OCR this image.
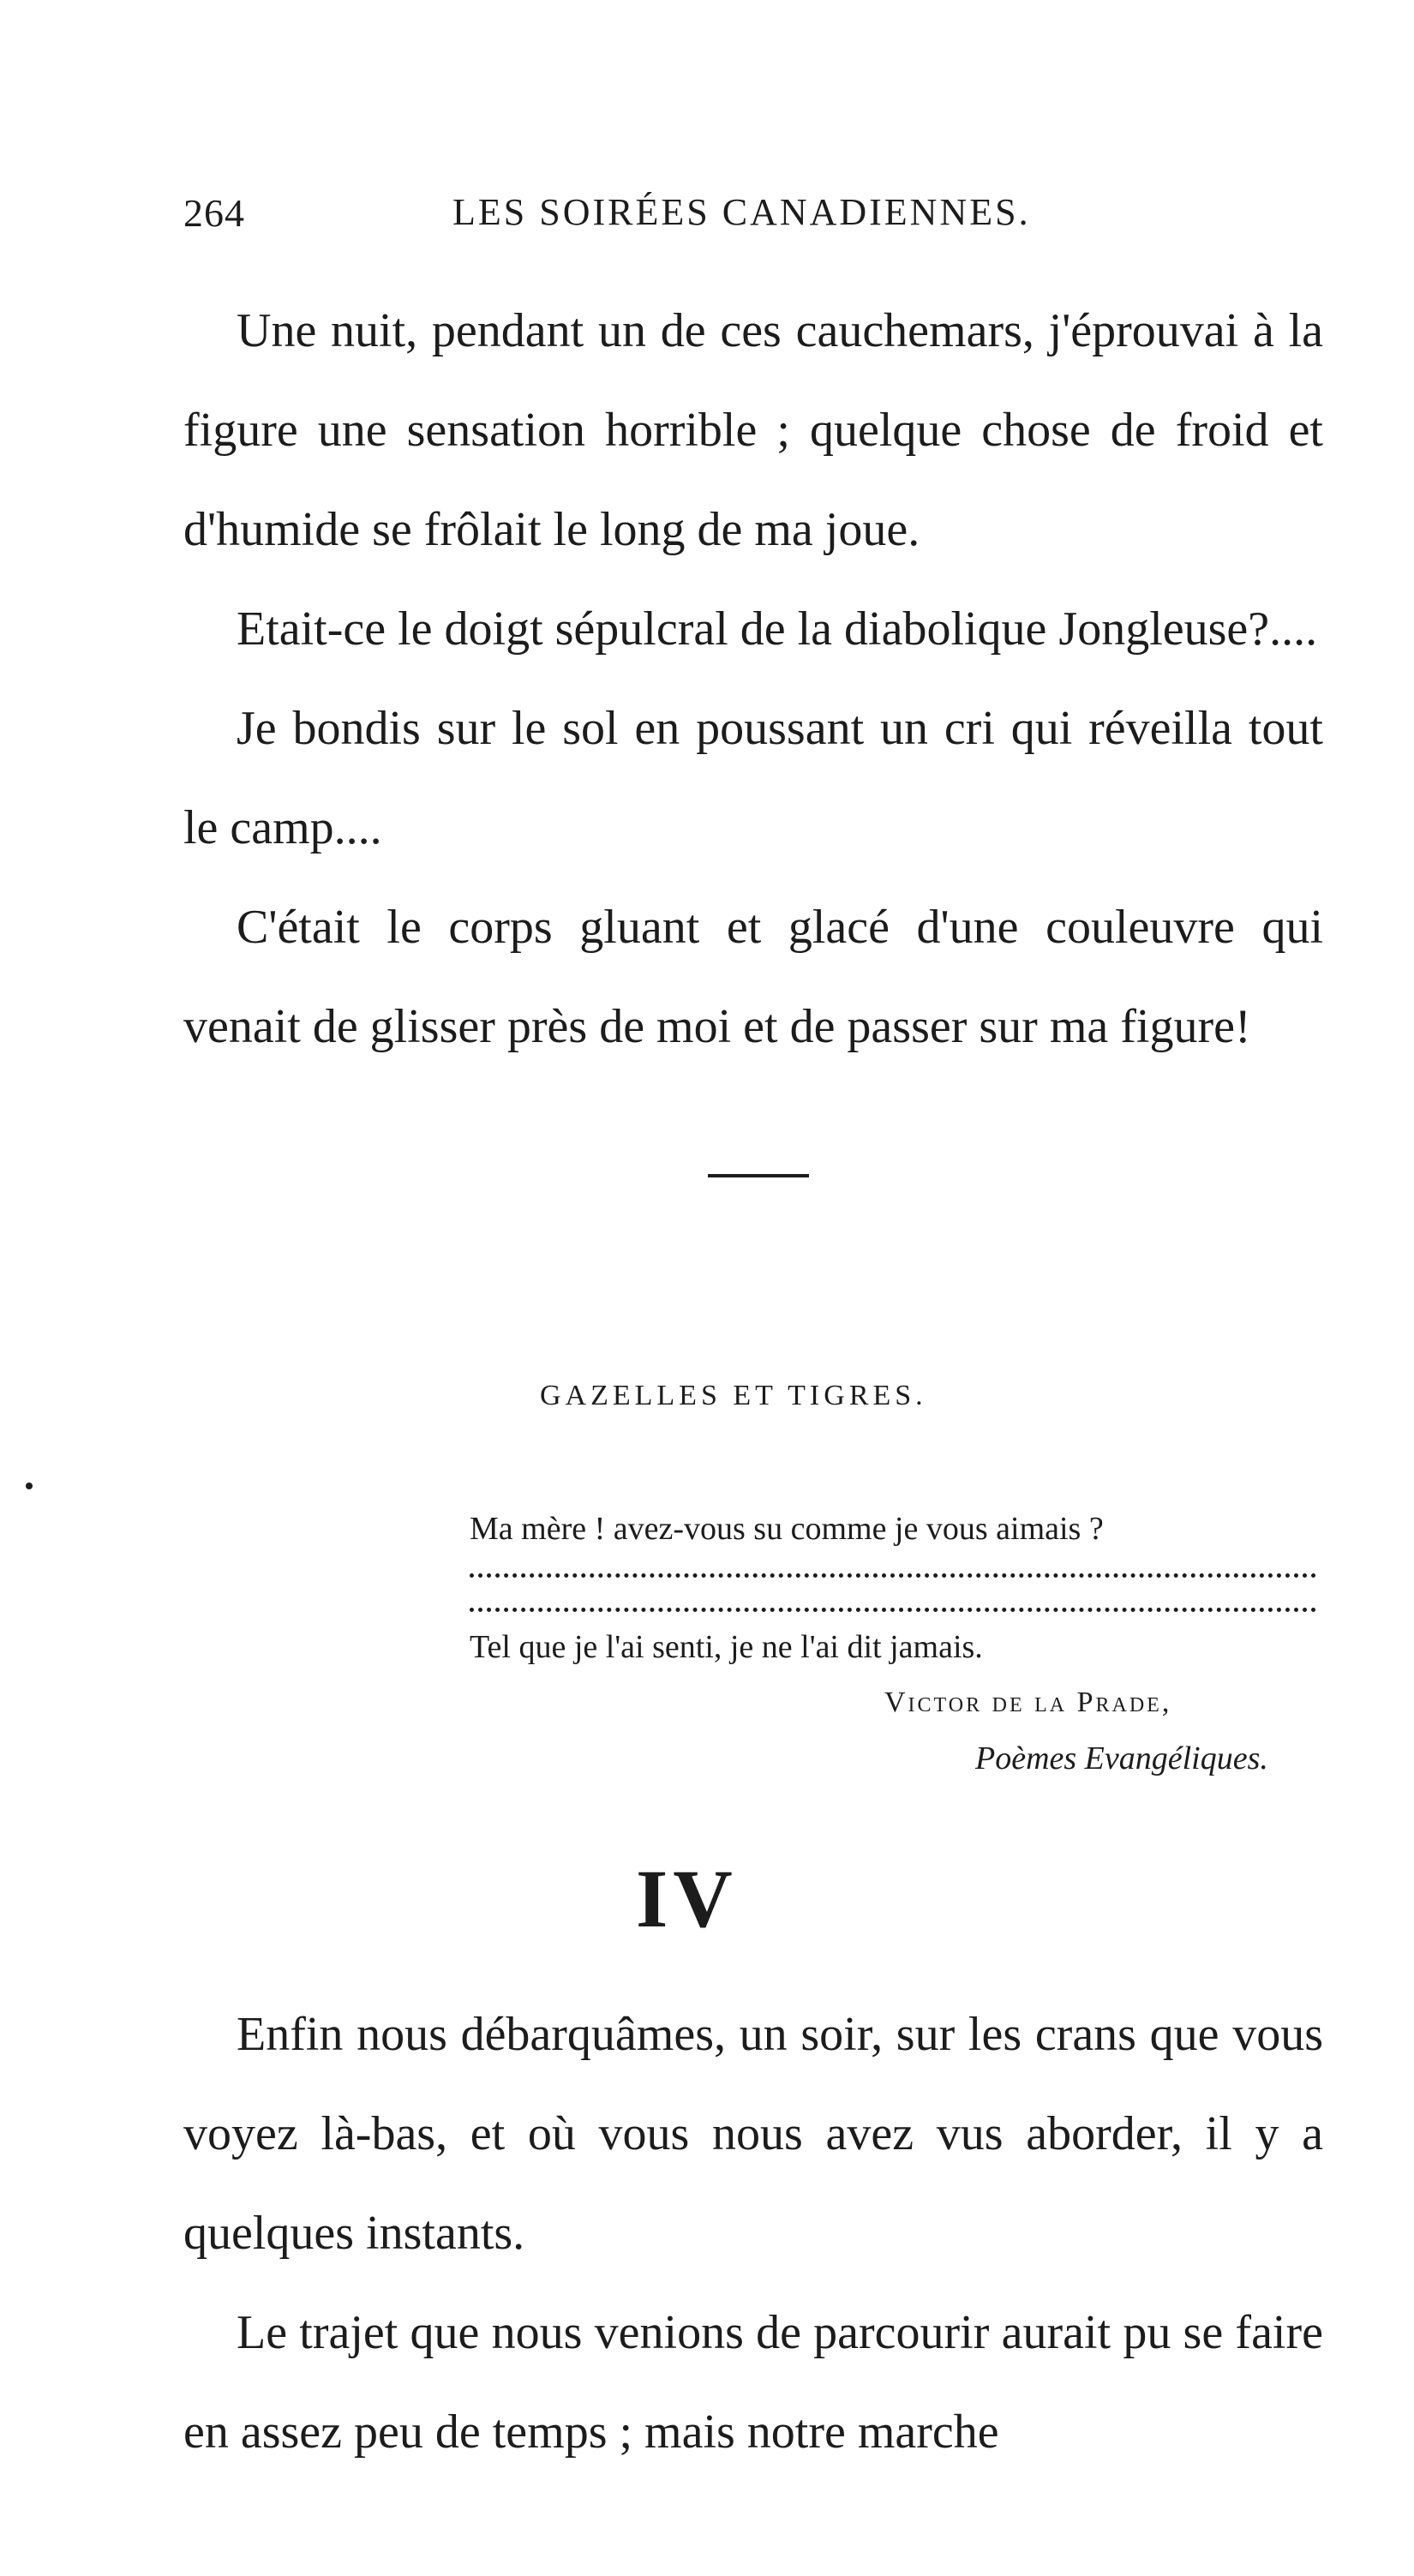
264	LES SOIRÉES CANADIENNES.

Une nuit, pendant un de ces cauchemars, j'éprouvai à la figure une sensation horrible ; quelque chose de froid et d'humide se frôlait le long de ma joue.

Etait-ce le doigt sépulcral de la diabolique Jongleuse?....

Je bondis sur le sol en poussant un cri qui réveilla tout le camp....

C'était le corps gluant et glacé d'une couleuvre qui venait de glisser près de moi et de passer sur ma figure!

GAZELLES ET TIGRES.
Ma mère ! avez-vous su comme je vous aimais ?
Tel que je l'ai senti, je ne l'ai dit jamais.
Victor de la Prade,
Poèmes Evangéliques.
IV

Enfin nous débarquâmes, un soir, sur les crans que vous voyez là-bas, et où vous nous avez vus aborder, il y a quelques instants.

Le trajet que nous venions de parcourir aurait pu se faire en assez peu de temps ; mais notre marche
